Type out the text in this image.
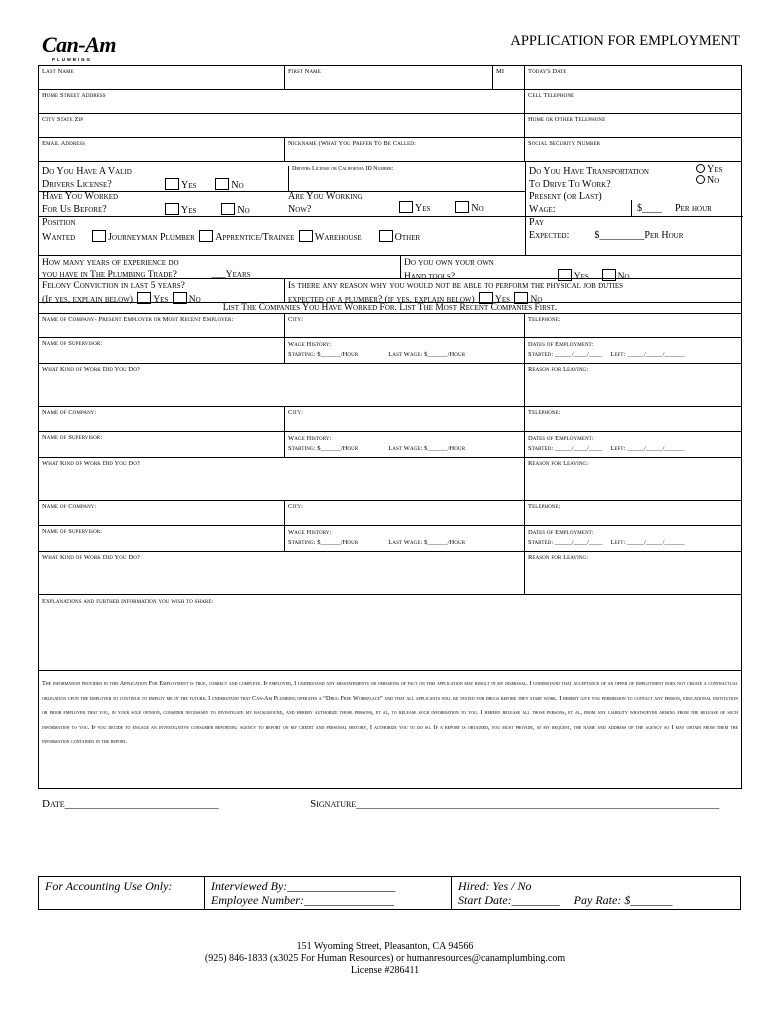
Can-Am
PLUMBING
APPLICATION FOR EMPLOYMENT
Last Name	First Name	MI	Today's Date
Home Street Address	Cell Telephone
City State Zip	Home or Other Telephone
Email Address	Nickname (What You Prefer To Be Called:	Social Security Number
Do You Have A Valid
Drivers License?	Yes	No
Drivers License or California ID Number:	Do You Have Transportation
To Drive To Work?
Yes
No
Have You Worked
For Us Before?	Yes	No
Are You Working
Now?	Yes	No
Present (or Last)
Wage:	$____ Per hour
Position
Wanted	Journeyman Plumber Apprentice/Trainee Warehouse	Other
Pay
Expected:	$_________Per Hour
How many years of experience do
you have in The Plumbing Trade?	___Years
Do you own your own
Hand tools?	Yes	No
Felony Conviction in last 5 years?
(If yes, explain below) Yes No
Is there any reason why you would not be able to perform the physical job duties
expected of a plumber? (if yes, explain below) Yes No
List The Companies You Have Worked For. List The Most Recent Companies First.
Name of Company- Present Employer or Most Recent Employer:	City:	Telephone:
Name of Supervisor:	Wage History:
Starting: $______/Hour	Last Wage: $______/Hour
Dates of Employment:
Started: _____/____/____ Left: _____/_____/______
What Kind of Work Did You Do?	Reason for Leaving:
Name of Company:	City:	Telephone:
Name of Supervisor:	Wage History:
Starting: $______/Hour	Last Wage: $______/Hour
Dates of Employment:
Started: _____/____/____ Left: _____/_____/______
What Kind of Work Did You Do?	Reason for Leaving:
Name of Company:	City:	Telephone:
Name of Supervisor:	Wage History:
Starting: $______/Hour	Last Wage: $______/Hour
Dates of Employment:
Started: _____/____/____ Left: _____/_____/______
What Kind of Work Did You Do?	Reason for Leaving:
Explanations and further information you wish to share:
The information provided in this Application For Employment is true, correct and complete. If employed, I understand any misstatements or omissions of fact on this application may result in my dismissal. I understand that acceptance of an offer of employment does not create a contractual obligation upon the employer to continue to employ me in the future. I understand that Can-Am Plumbing operates a “Drug Free Workplace” and that all applicants will be tested for drugs before they start work. I hereby give you permission to contact any person, educational institution or prior employer that you, in your sole opinion, consider necessary to investigate my background, and hereby authorize those persons, et al, to release such information to you. I hereby release all those persons, et al, from any liability whatsoever arising from the release of such information to you. If you decide to engage an investigative consumer reporting agency to report on my credit and personal history, I authorize you to do so. If a report is obtained, you must provide, at my request, the name and address of the agency so I may obtain from them the information contained in the report.
Date____________________________	Signature__________________________________________________________________
For Accounting Use Only:	Interviewed By:__________________
Employee Number:_______________
Hired: Yes / No
Start Date:________ Pay Rate: $_______
151 Wyoming Street, Pleasanton, CA 94566
(925) 846-1833 (x3025 For Human Resources) or humanresources@canamplumbing.com
License #286411
